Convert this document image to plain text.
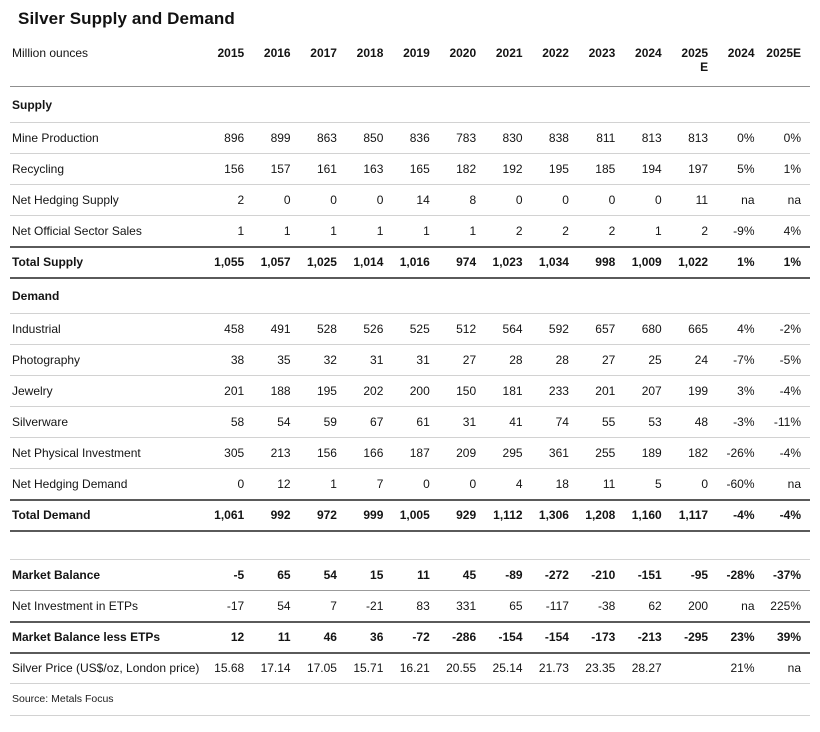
Silver Supply and Demand
Million ounces	2015	2016	2017	2018	2019	2020	2021	2022	2023	2024	2025 E	2024	2025E
Supply													
Mine Production	896	899	863	850	836	783	830	838	811	813	813	0%	0%
Recycling	156	157	161	163	165	182	192	195	185	194	197	5%	1%
Net Hedging Supply	2	0	0	0	14	8	0	0	0	0	11	na	na
Net Official Sector Sales	1	1	1	1	1	1	2	2	2	1	2	-9%	4%
Total Supply	1,055	1,057	1,025	1,014	1,016	974	1,023	1,034	998	1,009	1,022	1%	1%
Demand													
Industrial	458	491	528	526	525	512	564	592	657	680	665	4%	-2%
Photography	38	35	32	31	31	27	28	28	27	25	24	-7%	-5%
Jewelry	201	188	195	202	200	150	181	233	201	207	199	3%	-4%
Silverware	58	54	59	67	61	31	41	74	55	53	48	-3%	-11%
Net Physical Investment	305	213	156	166	187	209	295	361	255	189	182	-26%	-4%
Net Hedging Demand	0	12	1	7	0	0	4	18	11	5	0	-60%	na
Total Demand	1,061	992	972	999	1,005	929	1,112	1,306	1,208	1,160	1,117	-4%	-4%

Market Balance	-5	65	54	15	11	45	-89	-272	-210	-151	-95	-28%	-37%
Net Investment in ETPs	-17	54	7	-21	83	331	65	-117	-38	62	200	na	225%
Market Balance less ETPs	12	11	46	36	-72	-286	-154	-154	-173	-213	-295	23%	39%
Silver Price (US$/oz, London price)	15.68	17.14	17.05	15.71	16.21	20.55	25.14	21.73	23.35	28.27		21%	na
Source: Metals Focus
